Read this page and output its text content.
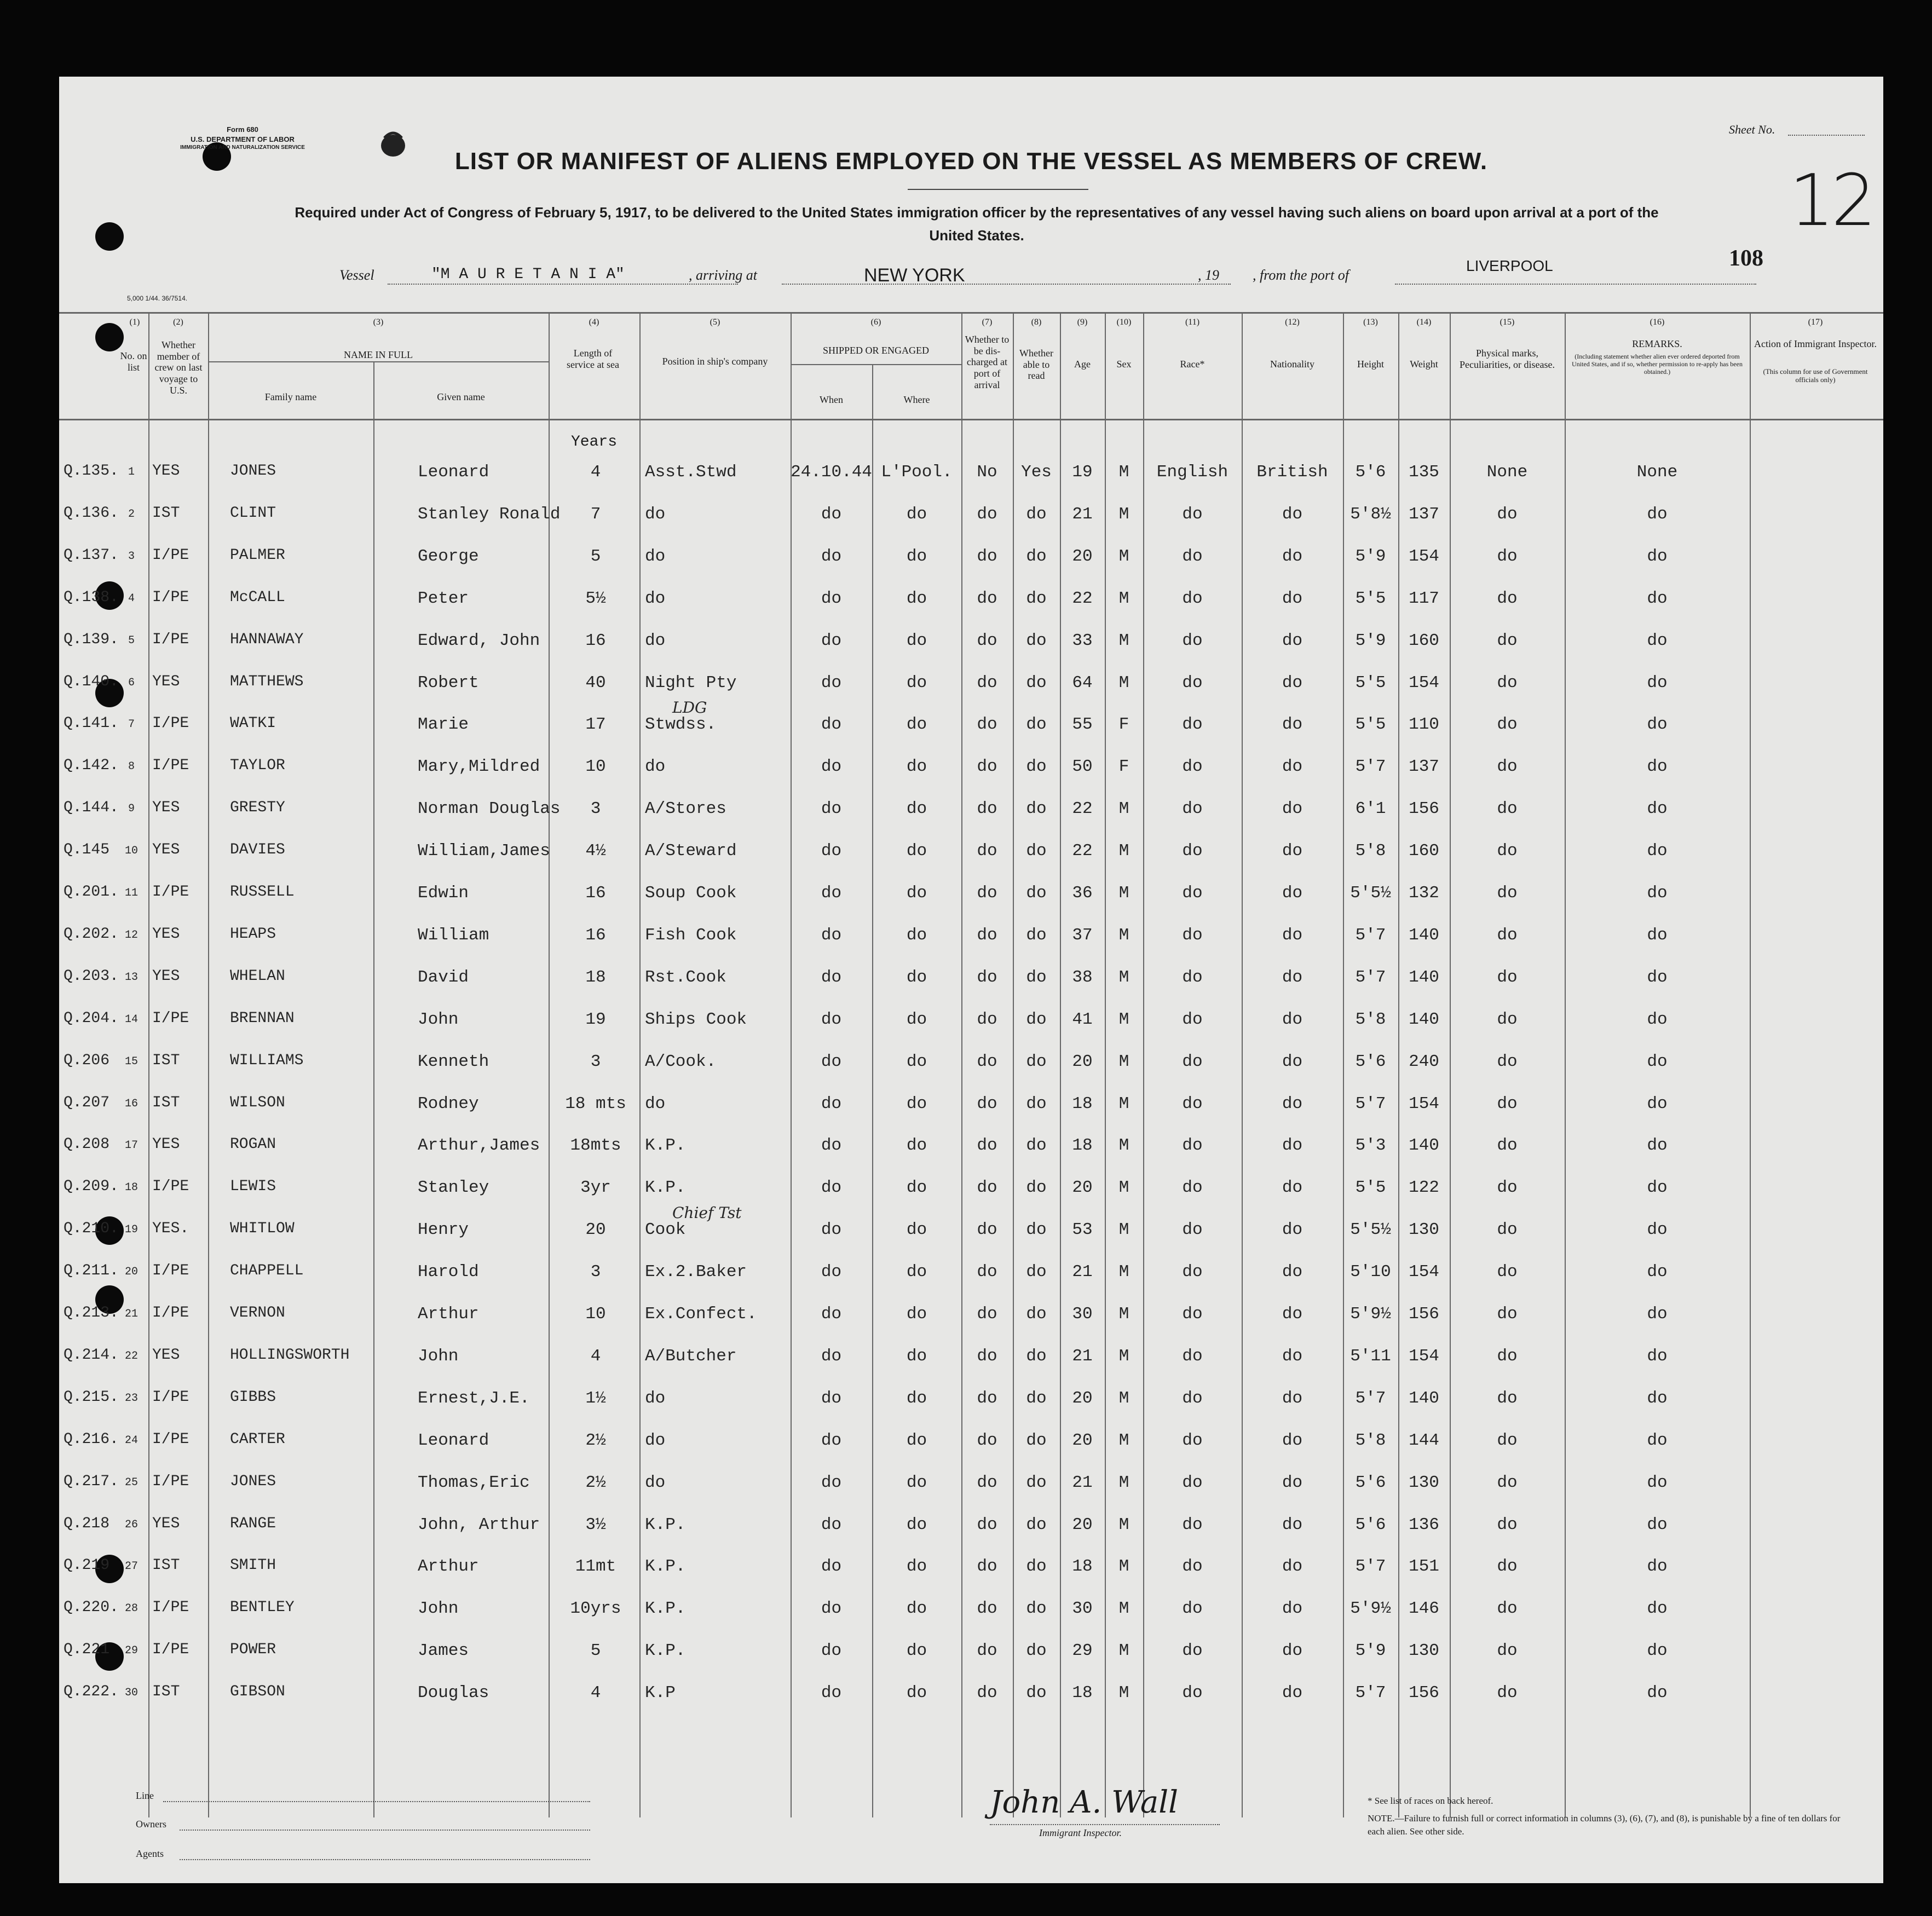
Form 680
U.S. DEPARTMENT OF LABOR
IMMIGRATION AND NATURALIZATION SERVICE
5,000 1/44. 36/7514.
Sheet No.
12
LIST OR MANIFEST OF ALIENS EMPLOYED ON THE VESSEL AS MEMBERS OF CREW.
Required under Act of Congress of February 5, 1917, to be delivered to the United States immigration officer by the representatives of any vessel having such aliens on board upon arrival at a port of the United States.
Vessel	"M A U R E T A N I A"	, arriving at	NEW YORK	, 19 , from the port of
LIVERPOOL	108
(1)	(2)	(3)	(4)	(5)	(6)	(7)	(8)	(9)	(10)	(11)	(12)	(13)	(14)	(15)	(16)	(17)
No. on list
Whether member of crew on last voyage to U.S.
NAME IN FULL
Family name	Given name
Length of service at sea	Position in ship's company
SHIPPED OR ENGAGED
When	Where
Whether to be dis-charged at port of arrival
Whether able to read
Age	Sex	Race*	Nationality	Height	Weight
Physical marks, Peculiarities, or disease.
REMARKS.
(Including statement whether alien ever ordered deported from United States, and if so, whether permission to re-apply has been obtained.)
Action of Immigrant Inspector.
(This column for use of Government officials only)
Years
Q.135. 1	YES	JONES	Leonard	4	Asst.Stwd	24.10.44 L'Pool.	No	Yes	19	M	English	British	5'6	135	None	None
Q.136. 2	IST	CLINT	Stanley Ronald	7	do	do	do	do	do	21	M	do	do	5'8½	137	do	do
Q.137. 3	I/PE	PALMER	George	5	do	do	do	do	do	20	M	do	do	5'9	154	do	do
Q.138. 4	I/PE	McCALL	Peter	5½	do	do	do	do	do	22	M	do	do	5'5	117	do	do
Q.139. 5	I/PE	HANNAWAY	Edward, John	16	do	do	do	do	do	33	M	do	do	5'9	160	do	do
Q.140. 6	YES	MATTHEWS	Robert	40	Night Pty	do	do	do	do	64	M	do	do	5'5	154	do	do
Q.141. 7	I/PE	WATKI	Marie	17	Stwdss.	do	do	do	do	55	F	do	do	5'5	110	do	do
LDG
Q.142. 8	I/PE	TAYLOR	Mary,Mildred	10	do	do	do	do	do	50	F	do	do	5'7	137	do	do
Q.144. 9	YES	GRESTY	Norman Douglas	3	A/Stores	do	do	do	do	22	M	do	do	6'1	156	do	do
Q.145	10 YES	DAVIES	William,James	4½	A/Steward	do	do	do	do	22	M	do	do	5'8	160	do	do
Q.201. 11 I/PE	RUSSELL	Edwin	16	Soup Cook	do	do	do	do	36	M	do	do	5'5½	132	do	do
Q.202. 12 YES	HEAPS	William	16	Fish Cook	do	do	do	do	37	M	do	do	5'7	140	do	do
Q.203. 13 YES	WHELAN	David	18	Rst.Cook	do	do	do	do	38	M	do	do	5'7	140	do	do
Q.204. 14 I/PE	BRENNAN	John	19	Ships Cook	do	do	do	do	41	M	do	do	5'8	140	do	do
Q.206	15 IST	WILLIAMS	Kenneth	3	A/Cook.	do	do	do	do	20	M	do	do	5'6	240	do	do
Q.207	16 IST	WILSON	Rodney	18 mts	do	do	do	do	do	18	M	do	do	5'7	154	do	do
Q.208	17 YES	ROGAN	Arthur,James	18mts	K.P.	do	do	do	do	18	M	do	do	5'3	140	do	do
Q.209. 18 I/PE	LEWIS	Stanley	3yr	K.P.	do	do	do	do	20	M	do	do	5'5	122	do	do
Q.210. 19 YES.	WHITLOW	Henry	20	Cook	do	do	do	do	53	M	do	do	5'5½	130	do	do
Chief Tst
Q.211. 20 I/PE	CHAPPELL	Harold	3	Ex.2.Baker	do	do	do	do	21	M	do	do	5'10	154	do	do
Q.213. 21 I/PE	VERNON	Arthur	10	Ex.Confect.	do	do	do	do	30	M	do	do	5'9½	156	do	do
Q.214. 22 YES	HOLLINGSWORTH	John	4	A/Butcher	do	do	do	do	21	M	do	do	5'11	154	do	do
Q.215. 23 I/PE	GIBBS	Ernest,J.E.	1½	do	do	do	do	do	20	M	do	do	5'7	140	do	do
Q.216. 24 I/PE	CARTER	Leonard	2½	do	do	do	do	do	20	M	do	do	5'8	144	do	do
Q.217. 25 I/PE	JONES	Thomas,Eric	2½	do	do	do	do	do	21	M	do	do	5'6	130	do	do
Q.218	26 YES	RANGE	John, Arthur	3½	K.P.	do	do	do	do	20	M	do	do	5'6	136	do	do
Q.219	27 IST	SMITH	Arthur	11mt	K.P.	do	do	do	do	18	M	do	do	5'7	151	do	do
Q.220. 28 I/PE	BENTLEY	John	10yrs	K.P.	do	do	do	do	30	M	do	do	5'9½	146	do	do
Q.221	29 I/PE	POWER	James	5	K.P.	do	do	do	do	29	M	do	do	5'9	130	do	do
Q.222. 30 IST	GIBSON	Douglas	4	K.P	do	do	do	do	18	M	do	do	5'7	156	do	do
Line
Owners
Agents
John A. Wall
Immigrant Inspector.
* See list of races on back hereof.
NOTE.—Failure to furnish full or correct information in columns (3), (6), (7), and (8), is punishable by a fine of ten dollars for each alien. See other side.
